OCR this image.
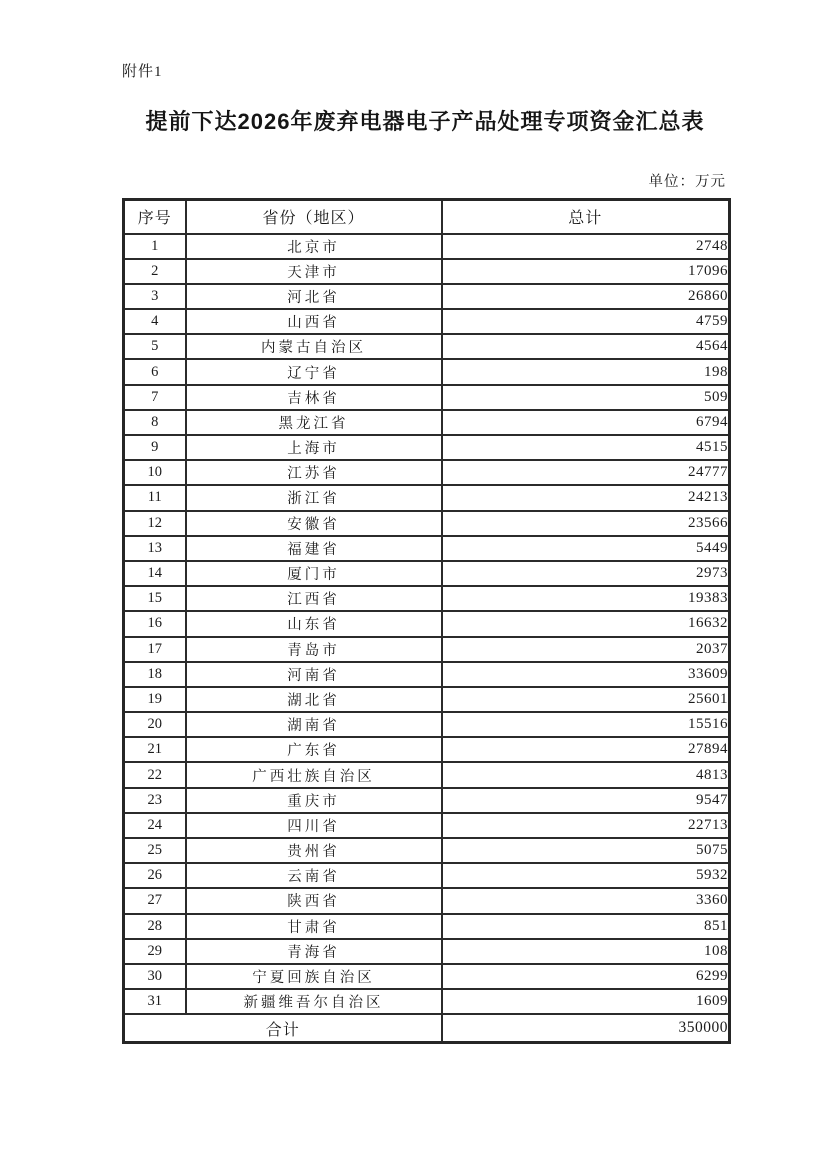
附件1
提前下达2026年废弃电器电子产品处理专项资金汇总表
单位：万元
序号	省份（地区）	总计
1	北京市	2748
2	天津市	17096
3	河北省	26860
4	山西省	4759
5	内蒙古自治区	4564
6	辽宁省	198
7	吉林省	509
8	黑龙江省	6794
9	上海市	4515
10	江苏省	24777
11	浙江省	24213
12	安徽省	23566
13	福建省	5449
14	厦门市	2973
15	江西省	19383
16	山东省	16632
17	青岛市	2037
18	河南省	33609
19	湖北省	25601
20	湖南省	15516
21	广东省	27894
22	广西壮族自治区	4813
23	重庆市	9547
24	四川省	22713
25	贵州省	5075
26	云南省	5932
27	陕西省	3360
28	甘肃省	851
29	青海省	108
30	宁夏回族自治区	6299
31	新疆维吾尔自治区	1609
合计		350000
